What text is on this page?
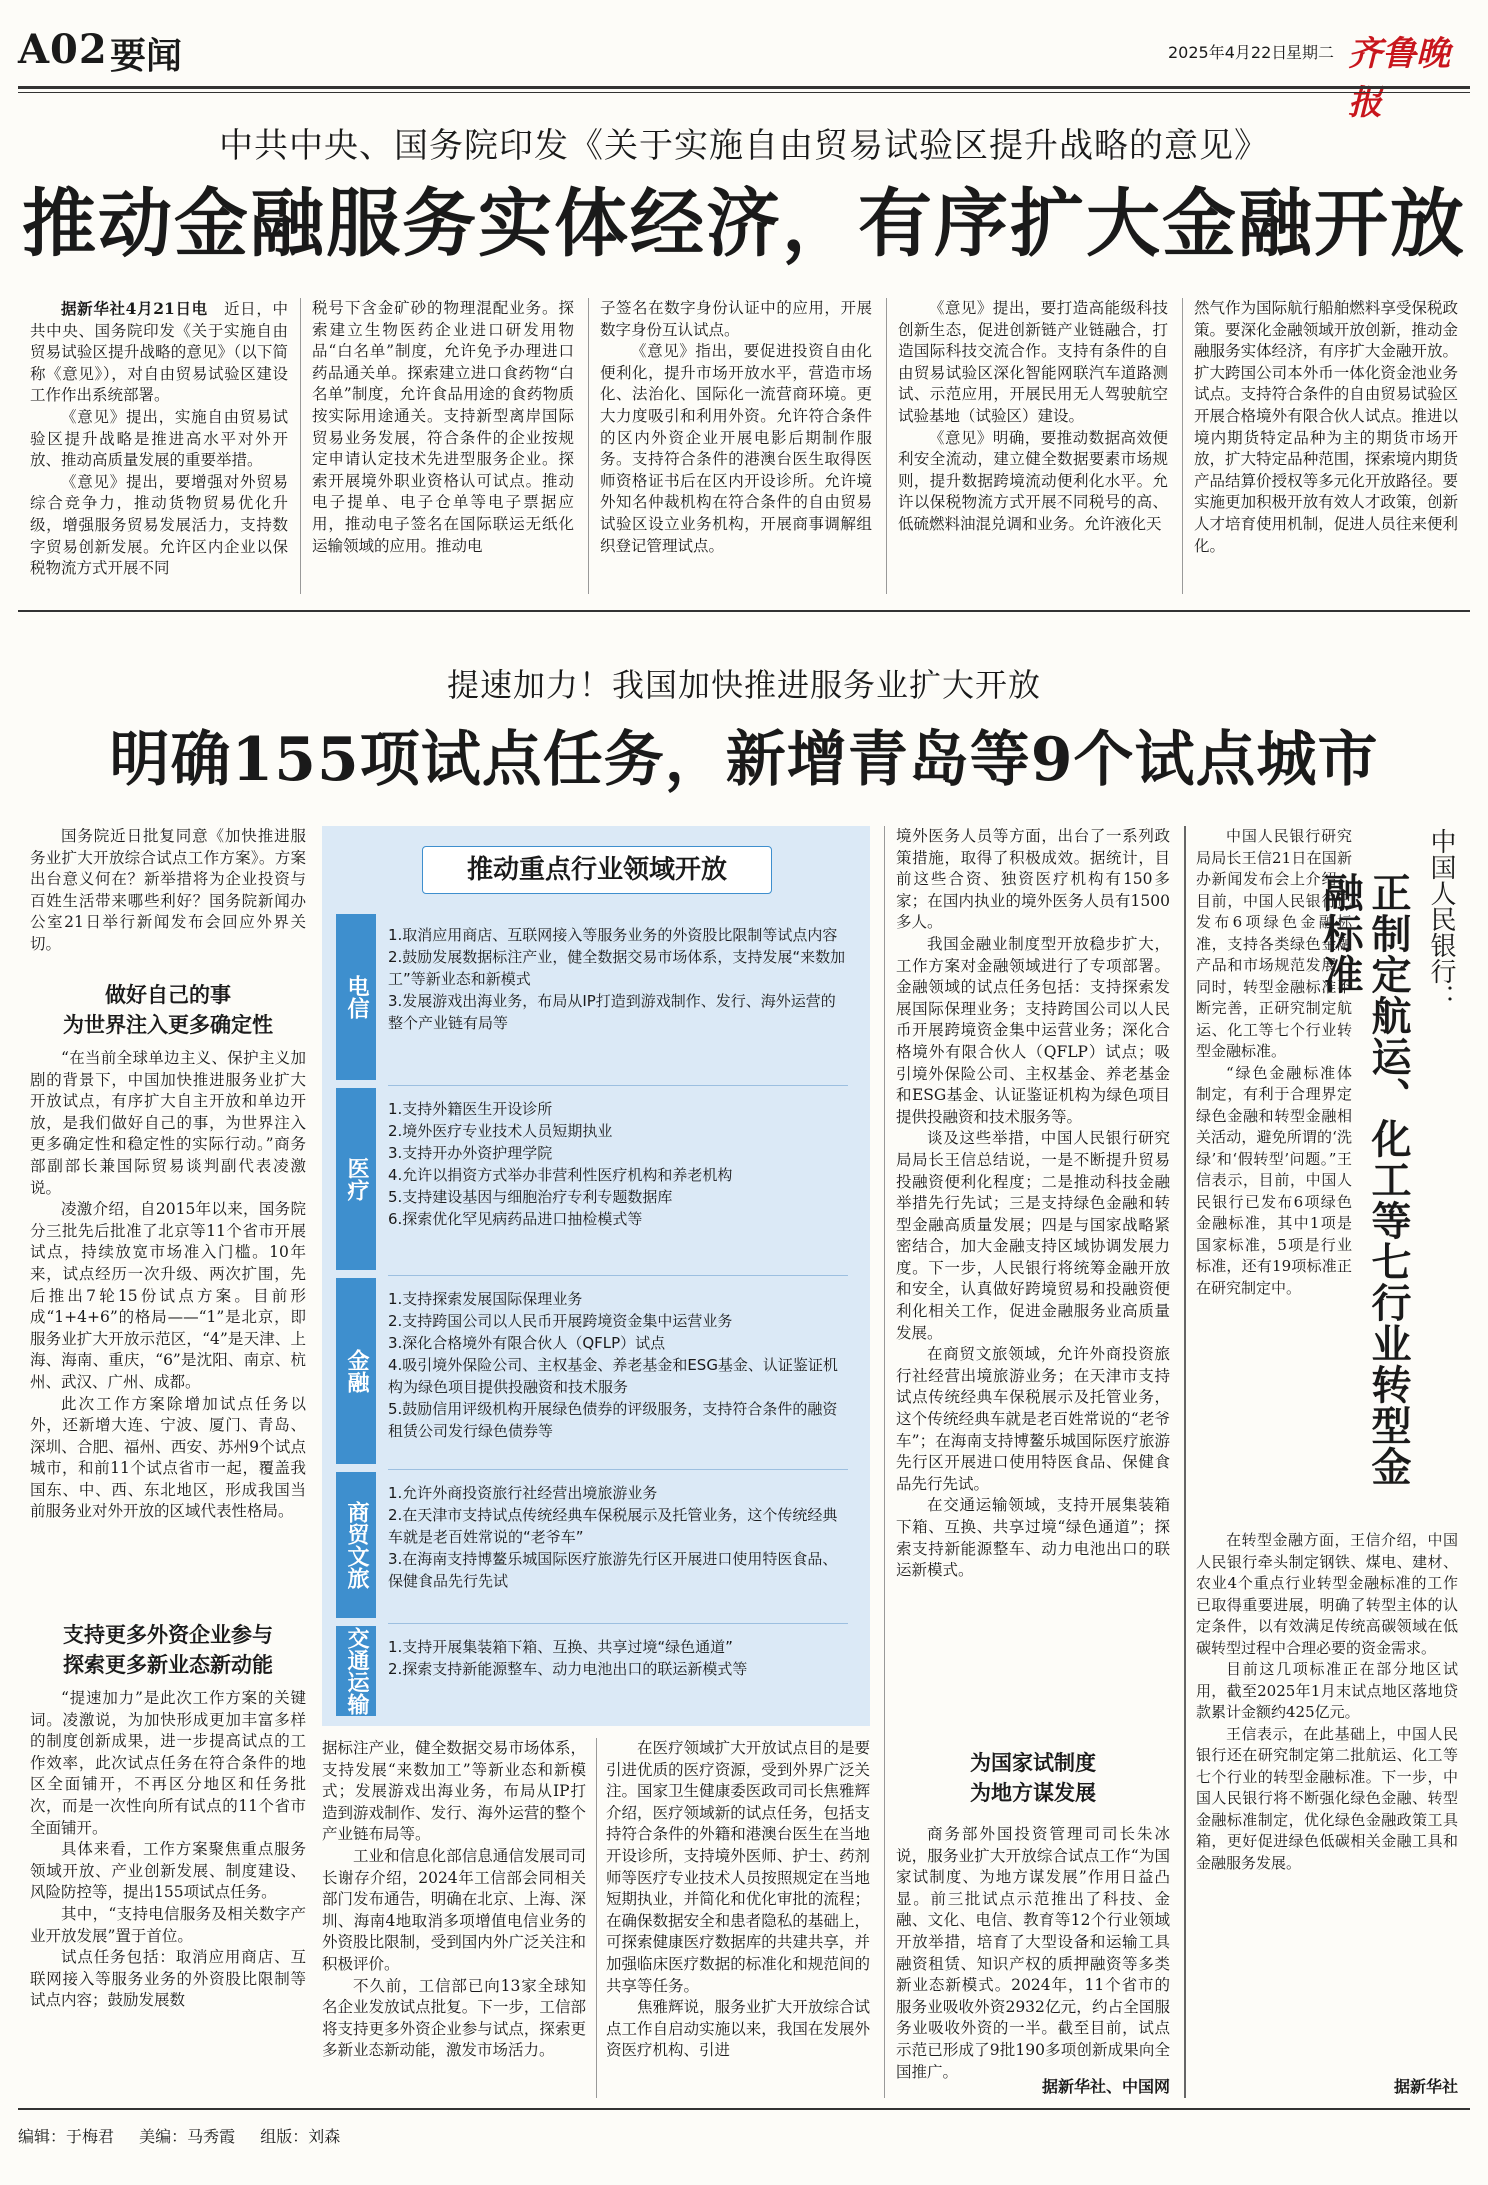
A02 要闻	2025年4月22日
星期二 齐鲁晚报
中共中央、国务院印发《关于实施自由贸易试验区提升战略的意见》
推动金融服务实体经济，有序扩大金融开放

据新华社4月21日电　 近日，中共中央、国务院印发《关于实施自由贸易试验区提升战略的意见》（以下简称《意见》），对自由贸易试验区建设工作作出系统部署。

《意见》提出，实施自由贸易试验区提升战略是推进高水平对外开放、推动高质量发展的重要举措。

《意见》提出，要增强对外贸易综合竞争力，推动货物贸易优化升级，增强服务贸易发展活力，支持数字贸易创新发展。允许区内企业以保税物流方式开展不同

税号下含金矿砂的物理混配业务。探索建立生物医药企业进口研发用物品“白名单”制度，允许免予办理进口药品通关单。探索建立进口食药物“白名单”制度，允许食品用途的食药物质按实际用途通关。支持新型离岸国际贸易业务发展，符合条件的企业按规定申请认定技术先进型服务企业。探索开展境外职业资格认可试点。推动电子提单、电子仓单等电子票据应用，推动电子签名在国际联运无纸化运输领域的应用。推动电

子签名在数字身份认证中的应用，开展数字身份互认试点。

《意见》指出，要促进投资自由化便利化，提升市场开放水平，营造市场化、法治化、国际化一流营商环境。更大力度吸引和利用外资。允许符合条件的区内外资企业开展电影后期制作服务。支持符合条件的港澳台医生取得医师资格证书后在区内开设诊所。允许境外知名仲裁机构在符合条件的自由贸易试验区设立业务机构，开展商事调解组织登记管理试点。

《意见》提出，要打造高能级科技创新生态，促进创新链产业链融合，打造国际科技交流合作。支持有条件的自由贸易试验区深化智能网联汽车道路测试、示范应用，开展民用无人驾驶航空试验基地（试验区）建设。

《意见》明确，要推动数据高效便利安全流动，建立健全数据要素市场规则，提升数据跨境流动便利化水平。允许以保税物流方式开展不同税号的高、低硫燃料油混兑调和业务。允许液化天

然气作为国际航行船舶燃料享受保税政策。要深化金融领域开放创新，推动金融服务实体经济，有序扩大金融开放。扩大跨国公司本外币一体化资金池业务试点。支持符合条件的自由贸易试验区开展合格境外有限合伙人试点。推进以境内期货特定品种为主的期货市场开放，扩大特定品种范围，探索境内期货产品结算价授权等多元化开放路径。要实施更加积极开放有效人才政策，创新人才培育使用机制，促进人员往来便利化。

提速加力！我国加快推进服务业扩大开放
明确155项试点任务，新增青岛等9个试点城市

国务院近日批复同意《加快推进服务业扩大开放综合试点工作方案》。方案出台意义何在？新举措将为企业投资与百姓生活带来哪些利好？国务院新闻办公室21日举行新闻发布会回应外界关切。

做好自己的事
为世界注入更多确定性

“在当前全球单边主义、保护主义加剧的背景下，中国加快推进服务业扩大开放试点，有序扩大自主开放和单边开放，是我们做好自己的事，为世界注入更多确定性和稳定性的实际行动。”商务部副部长兼国际贸易谈判副代表凌激说。

凌激介绍，自2015年以来，国务院分三批先后批准了北京等11个省市开展试点，持续放宽市场准入门槛。10年来，试点经历一次升级、两次扩围，先后推出7轮15份试点方案。目前形成“1+4+6”的格局——“1”是北京，即服务业扩大开放示范区，“4”是天津、上海、海南、重庆，“6”是沈阳、南京、杭州、武汉、广州、成都。

此次工作方案除增加试点任务以外，还新增大连、宁波、厦门、青岛、深圳、合肥、福州、西安、苏州9个试点城市，和前11个试点省市一起，覆盖我国东、中、西、东北地区，形成我国当前服务业对外开放的区域代表性格局。

支持更多外资企业参与
探索更多新业态新动能

“提速加力”是此次工作方案的关键词。凌激说，为加快形成更加丰富多样的制度创新成果，进一步提高试点的工作效率，此次试点任务在符合条件的地区全面铺开，不再区分地区和任务批次，而是一次性向所有试点的11个省市全面铺开。

具体来看，工作方案聚焦重点服务领域开放、产业创新发展、制度建设、风险防控等，提出155项试点任务。

其中，“支持电信服务及相关数字产业开放发展”置于首位。

试点任务包括：取消应用商店、互联网接入等服务业务的外资股比限制等试点内容；鼓励发展数

推动重点行业领域开放
电信
1.取消应用商店、互联网接入等服务业务的外资股比限制等试点内容
2.鼓励发展数据标注产业，健全数据交易市场体系，支持发展“来数加工”等新业态和新模式
3.发展游戏出海业务，布局从IP打造到游戏制作、发行、海外运营的整个产业链有局等
医疗
1.支持外籍医生开设诊所
2.境外医疗专业技术人员短期执业
3.支持开办外资护理学院
4.允许以捐资方式举办非营利性医疗机构和养老机构
5.支持建设基因与细胞治疗专利专题数据库
6.探索优化罕见病药品进口抽检模式等
金融
1.支持探索发展国际保理业务
2.支持跨国公司以人民币开展跨境资金集中运营业务
3.深化合格境外有限合伙人（QFLP）试点
4.吸引境外保险公司、主权基金、养老基金和ESG基金、认证鉴证机构为绿色项目提供投融资和技术服务
5.鼓励信用评级机构开展绿色债券的评级服务，支持符合条件的融资租赁公司发行绿色债券等
商贸文旅
1.允许外商投资旅行社经营出境旅游业务
2.在天津市支持试点传统经典车保税展示及托管业务，这个传统经典车就是老百姓常说的“老爷车”
3.在海南支持博鳌乐城国际医疗旅游先行区开展进口使用特医食品、保健食品先行先试
交通运输	1.支持开展集装箱下箱、互换、共享过境“绿色通道”
2.探索支持新能源整车、动力电池出口的联运新模式等

据标注产业，健全数据交易市场体系，支持发展“来数加工”等新业态和新模式；发展游戏出海业务，布局从IP打造到游戏制作、发行、海外运营的整个产业链布局等。

工业和信息化部信息通信发展司司长谢存介绍，2024年工信部会同相关部门发布通告，明确在北京、上海、深圳、海南4地取消多项增值电信业务的外资股比限制，受到国内外广泛关注和积极评价。

不久前，工信部已向13家全球知名企业发放试点批复。下一步，工信部将支持更多外资企业参与试点，探索更多新业态新动能，激发市场活力。

在医疗领域扩大开放试点目的是要引进优质的医疗资源，受到外界广泛关注。国家卫生健康委医政司司长焦雅辉介绍，医疗领域新的试点任务，包括支持符合条件的外籍和港澳台医生在当地开设诊所，支持境外医师、护士、药剂师等医疗专业技术人员按照规定在当地短期执业，并简化和优化审批的流程；在确保数据安全和患者隐私的基础上，可探索健康医疗数据库的共建共享，并加强临床医疗数据的标准化和规范间的共享等任务。

焦雅辉说，服务业扩大开放综合试点工作自启动实施以来，我国在发展外资医疗机构、引进

境外医务人员等方面，出台了一系列政策措施，取得了积极成效。据统计，目前这些合资、独资医疗机构有150多家；在国内执业的境外医务人员有1500多人。

我国金融业制度型开放稳步扩大，工作方案对金融领域进行了专项部署。金融领域的试点任务包括：支持探索发展国际保理业务；支持跨国公司以人民币开展跨境资金集中运营业务；深化合格境外有限合伙人（QFLP）试点；吸引境外保险公司、主权基金、养老基金和ESG基金、认证鉴证机构为绿色项目提供投融资和技术服务等。

谈及这些举措，中国人民银行研究局局长王信总结说，一是不断提升贸易投融资便利化程度；二是推动科技金融举措先行先试；三是支持绿色金融和转型金融高质量发展；四是与国家战略紧密结合，加大金融支持区域协调发展力度。下一步，人民银行将统筹金融开放和安全，认真做好跨境贸易和投融资便利化相关工作，促进金融服务业高质量发展。

在商贸文旅领域，允许外商投资旅行社经营出境旅游业务；在天津市支持试点传统经典车保税展示及托管业务，这个传统经典车就是老百姓常说的“老爷车”；在海南支持博鳌乐城国际医疗旅游先行区开展进口使用特医食品、保健食品先行先试。

在交通运输领域，支持开展集装箱下箱、互换、共享过境“绿色通道”；探索支持新能源整车、动力电池出口的联运新模式。

为国家试制度
为地方谋发展

商务部外国投资管理司司长朱冰说，服务业扩大开放综合试点工作“为国家试制度、为地方谋发展”作用日益凸显。前三批试点示范推出了科技、金融、文化、电信、教育等12个行业领域开放举措，培育了大型设备和运输工具融资租赁、知识产权的质押融资等多类新业态新模式。2024年，11个省市的服务业吸收外资2932亿元，约占全国服务业吸收外资的一半。截至目前，试点示范已形成了9批190多项创新成果向全国推广。

据新华社、中国网
中国人民银行：
正制定航运、化工等七行业转型金融标准

中国人民银行研究局局长王信21日在国新办新闻发布会上介绍，目前，中国人民银行已发布6项绿色金融标准，支持各类绿色金融产品和市场规范发展。同时，转型金融标准不断完善，正研究制定航运、化工等七个行业转型金融标准。

“绿色金融标准体制定，有利于合理界定绿色金融和转型金融相关活动，避免所谓的‘洗绿’和‘假转型’问题。”王信表示，目前，中国人民银行已发布6项绿色金融标准，其中1项是国家标准，5项是行业标准，还有19项标准正在研究制定中。

在转型金融方面，王信介绍，中国人民银行牵头制定钢铁、煤电、建材、农业4个重点行业转型金融标准的工作已取得重要进展，明确了转型主体的认定条件，以有效满足传统高碳领域在低碳转型过程中合理必要的资金需求。

目前这几项标准正在部分地区试用，截至2025年1月末试点地区落地贷款累计金额约425亿元。

王信表示，在此基础上，中国人民银行还在研究制定第二批航运、化工等七个行业的转型金融标准。下一步，中国人民银行将不断强化绿色金融、转型金融标准制定，优化绿色金融政策工具箱，更好促进绿色低碳相关金融工具和金融服务发展。

据新华社
编辑：于梅君 美编：马秀霞 组版：刘森
